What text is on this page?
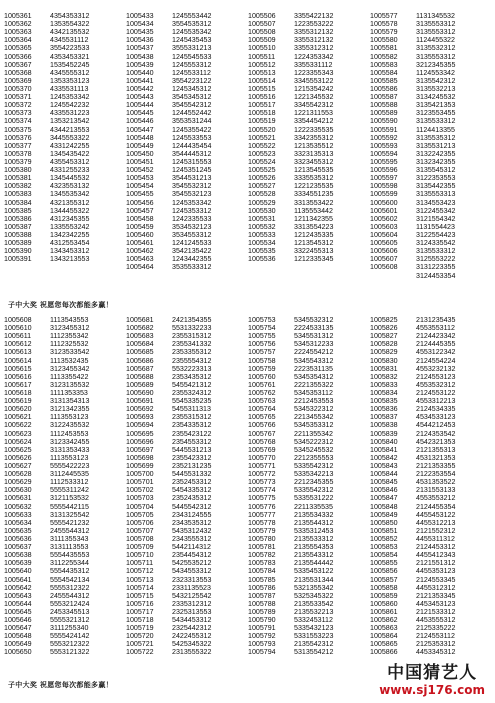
1005361
1005362
1005363
1005364
1005365
1005366
1005367
1005368
1005369
1005370
1005371
1005372
1005373
1005374
1005375
1005376
1005377
1005378
1005379
1005380
1005381
1005382
1005383
1005384
1005385
1005386
1005387
1005388
1005389
1005390
1005391
4354353312
1353554322
4342135532
4345531112
3554223533
4353453321
1535452245
4345555312
1353353123
4335531113
1245353342
1245542232
4335531223
1353213542
4344213553
3445553322
4331242255
1345435422
4355453312
4331255233
1345445532
4323553132
1345535342
4321355312
1344455322
4312345355
1335553242
1342342255
4312553454
1343453312
1343213553
1005433
1005434
1005435
1005436
1005437
1005438
1005439
1005440
1005441
1005442
1005443
1005444
1005445
1005446
1005447
1005448
1005449
1005450
1005451
1005452
1005453
1005454
1005455
1005456
1005457
1005458
1005459
1005460
1005461
1005462
1005463
1005464
1245553442
3554535312
1245535342
1245435453
3555331213
1245545533
1245553312
1245533112
3554223122
1245345312
3545345312
3545542312
1244552442
3553531244
1245355422
1245533553
1244435454
3544445312
1245315553
1245351245
3544531213
3545532312
3545532123
1245353342
1245353312
1242335533
3534532123
3534553312
1241245533
3542135422
1243442355
3535533312
1005506
1005507
1005508
1005509
1005510
1005511
1005512
1005513
1005514
1005515
1005516
1005517
1005518
1005519
1005520
1005521
1005522
1005523
1005524
1005525
1005526
1005527
1005528
1005529
1005530
1005531
1005532
1005533
1005534
1005535
1005536
3355422132
1223553222
3355312132
3355312132
3355312312
1224353342
3355331112
1223355343
3345553122
1215354242
1221345532
3345542312
1221311553
3354454212
1222335535
3342355312
1213535512
3323135313
3323455312
1213545535
3335535312
1221235535
3334551235
3313553422
1135553442
1211342355
3313554223
1212435335
1213545312
3322455313
1212335345
1005577
1005578
1005579
1005580
1005581
1005582
1005583
1005584
1005585
1005586
1005587
1005588
1005589
1005590
1005591
1005592
1005593
1005594
1005595
1005596
1005597
1005598
1005599
1005600
1005601
1005602
1005603
1005604
1005605
1005606
1005607
1005608
1131345532
3135553312
3135553312
1124455322
3135532312
3135553312
3212345355
1124553342
3135542312
3135532213
3134245532
3135421353
3123553455
3135533312
1124413355
3135535312
3135531213
3132242355
3132342355
3135545312
3122353553
3135442355
3135553313
3134553423
3122455342
3121554342
1131554423
3122554423
3124335542
3135533312
3125553222
3131223355
3124453354
子中大奖 祝愿您每次都能多赢！
1005608
1005610
1005611
1005612
1005613
1005614
1005615
1005616
1005617
1005618
1005619
1005620
1005621
1005622
1005623
1005624
1005625
1005626
1005627
1005628
1005629
1005630
1005631
1005632
1005633
1005634
1005635
1005636
1005637
1005638
1005639
1005640
1005641
1005642
1005643
1005644
1005645
1005646
1005647
1005648
1005649
1005650
1113543553
3123455312
1112355342
1112325532
3123533542
1113532435
3123455342
1113355422
3123135532
1111353353
3131354313
3121342355
1113553123
3122435532
1112453553
3123342455
3131353433
1113553123
5555422223
3112445535
1112533312
5555311242
3121153532
5555442115
3131325542
5555421232
2455544312
3111355343
3131113553
5554435553
3112255344
5554435312
5554542134
5555312322
2455544312
5553212424
2453345513
5555321312
3111255340
5555424142
5553212322
5553121322
1005681
1005682
1005683
1005684
1005685
1005686
1005687
1005688
1005689
1005690
1005691
1005692
1005693
1005694
1005695
1005696
1005697
1005698
1005699
1005700
1005701
1005702
1005703
1005704
1005705
1005706
1005707
1005708
1005709
1005710
1005711
1005712
1005713
1005714
1005715
1005716
1005717
1005718
1005719
1005720
1005721
1005722
2421354355
5531332233
2355315312
2355341332
2353355312
2355554312
5532223313
2353435312
5455421312
2355324312
5545335235
5455311313
2355315312
2354335312
2355423122
2354553312
5445531213
2355423312
2352131235
5445531332
2352453312
5454335312
2352435312
5445542312
2343124555
2343535312
5435312432
2343555312
5442114312
2354454312
5425535212
5434553312
2323313553
2331135523
5432125542
2335312312
2325313553
5434453312
2325442312
2422455312
5425345322
2313555322
1005753
1005754
1005755
1005756
1005757
1005758
1005759
1005760
1005761
1005762
1005763
1005764
1005765
1005766
1005767
1005768
1005769
1005770
1005771
1005772
1005773
1005774
1005775
1005776
1005777
1005778
1005779
1005780
1005781
1005782
1005783
1005784
1005785
1005786
1005787
1005788
1005789
1005790
1005791
1005792
1005793
1005794
5345532312
2224533135
5345531312
5345312233
2224554212
5345543312
2223531135
5345354312
2221355322
5345353112
2212453553
5345322312
2213455342
5345353312
2211355342
5345222312
5345245532
2212355553
5335542312
5335342213
2212345355
5335542312
5335531222
2211335535
2135534332
2135544312
5335312453
2135533312
2135554353
2135543312
2135544442
5335453122
2135531344
5321355342
5325345322
2135533542
2135532213
5332453112
5335432123
5331553223
2135542312
5313554212
1005825
1005826
1005827
1005828
1005829
1005830
1005831
1005832
1005833
1005834
1005835
1005836
1005837
1005838
1005839
1005840
1005841
1005842
1005843
1005844
1005845
1005846
1005847
1005848
1005849
1005850
1005851
1005852
1005853
1005854
1005855
1005856
1005857
1005858
1005859
1005860
1005861
1005862
1005863
1005864
1005865
1005866
2131235435
4553553112
2124423342
2124445355
4553122342
2124554224
4553232132
2124553123
4553532312
2124553122
4553312213
2124534335
4534533123
4544212453
2124353542
4542321353
2121355313
4531321353
2121353355
2122353554
4531353522
2131553133
4553553212
2124455354
4455453122
4455312213
2121552312
4455311312
2124453312
4455412343
2121551312
4455353123
2124553345
4455312312
2121353345
4453453123
2121533312
4453555312
2125335222
2124553112
2125353312
4453345312
子中大奖 祝愿您每次都能多赢！
中国猜艺人
www.sj176.com
